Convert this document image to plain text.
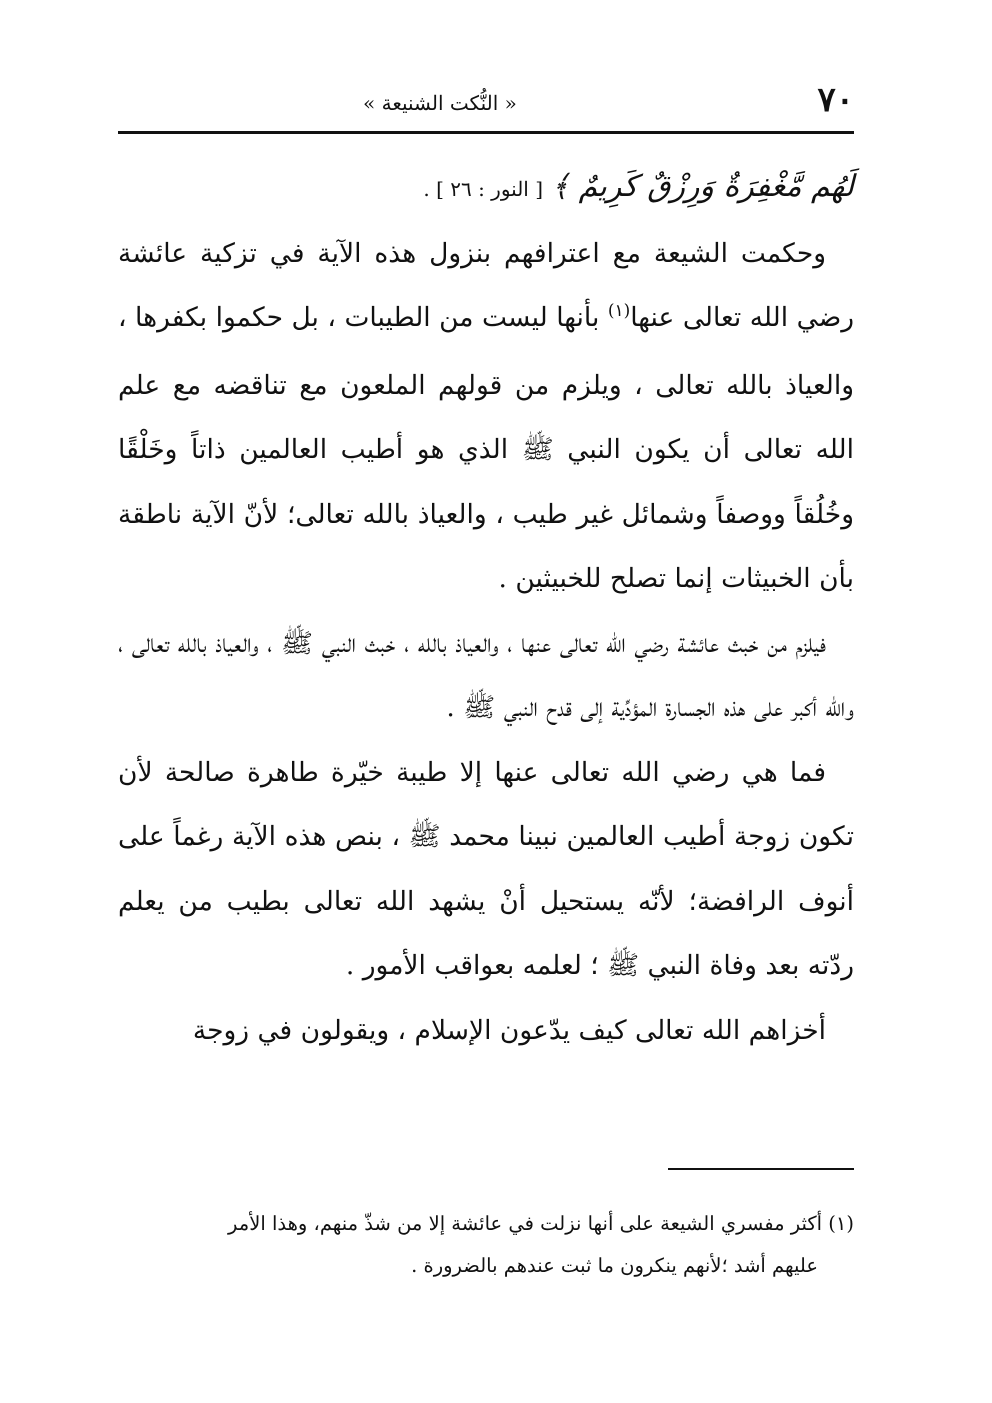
٧٠
« النُّكت الشنيعة »

لَهُم مَّغْفِرَةٌ وَرِزْقٌ كَرِيمٌ ﴾ [ النور : ٢٦ ] .

وحكمت الشيعة مع اعترافهم بنزول هذه الآية في تزكية عائشة رضي الله تعالى عنها$^{(١)}$ بأنها ليست من الطيبات ، بل حكموا بكفرها ، والعياذ بالله تعالى ، ويلزم من قولهم الملعون مع تناقضه مع علم الله تعالى أن يكون النبي ﷺ الذي هو أطيب العالمين ذاتاً وخَلْقًا وخُلُقاً ووصفاً وشمائل غير طيب ، والعياذ بالله تعالى؛ لأنّ الآية ناطقة بأن الخبيثات إنما تصلح للخبيثين .

فيلزم من خبث عائشة رضي الله تعالى عنها ، والعياذ بالله ، خبث النبي ﷺ ، والعياذ بالله تعالى ، والله أكبر على هذه الجسارة المؤدِّية إلى قدح النبي ﷺ .

فما هي رضي الله تعالى عنها إلا طيبة خيّرة طاهرة صالحة لأن تكون زوجة أطيب العالمين نبينا محمد ﷺ ، بنص هذه الآية رغماً على أنوف الرافضة؛ لأنّه يستحيل أنْ يشهد الله تعالى بطيب من يعلم ردّته بعد وفاة النبي ﷺ ؛ لعلمه بعواقب الأمور .

أخزاهم الله تعالى كيف يدّعون الإسلام ، ويقولون في زوجة

(١) أكثر مفسري الشيعة على أنها نزلت في عائشة إلا من شذّ منهم، وهذا الأمر
عليهم أشد ؛لأنهم ينكرون ما ثبت عندهم بالضرورة .
